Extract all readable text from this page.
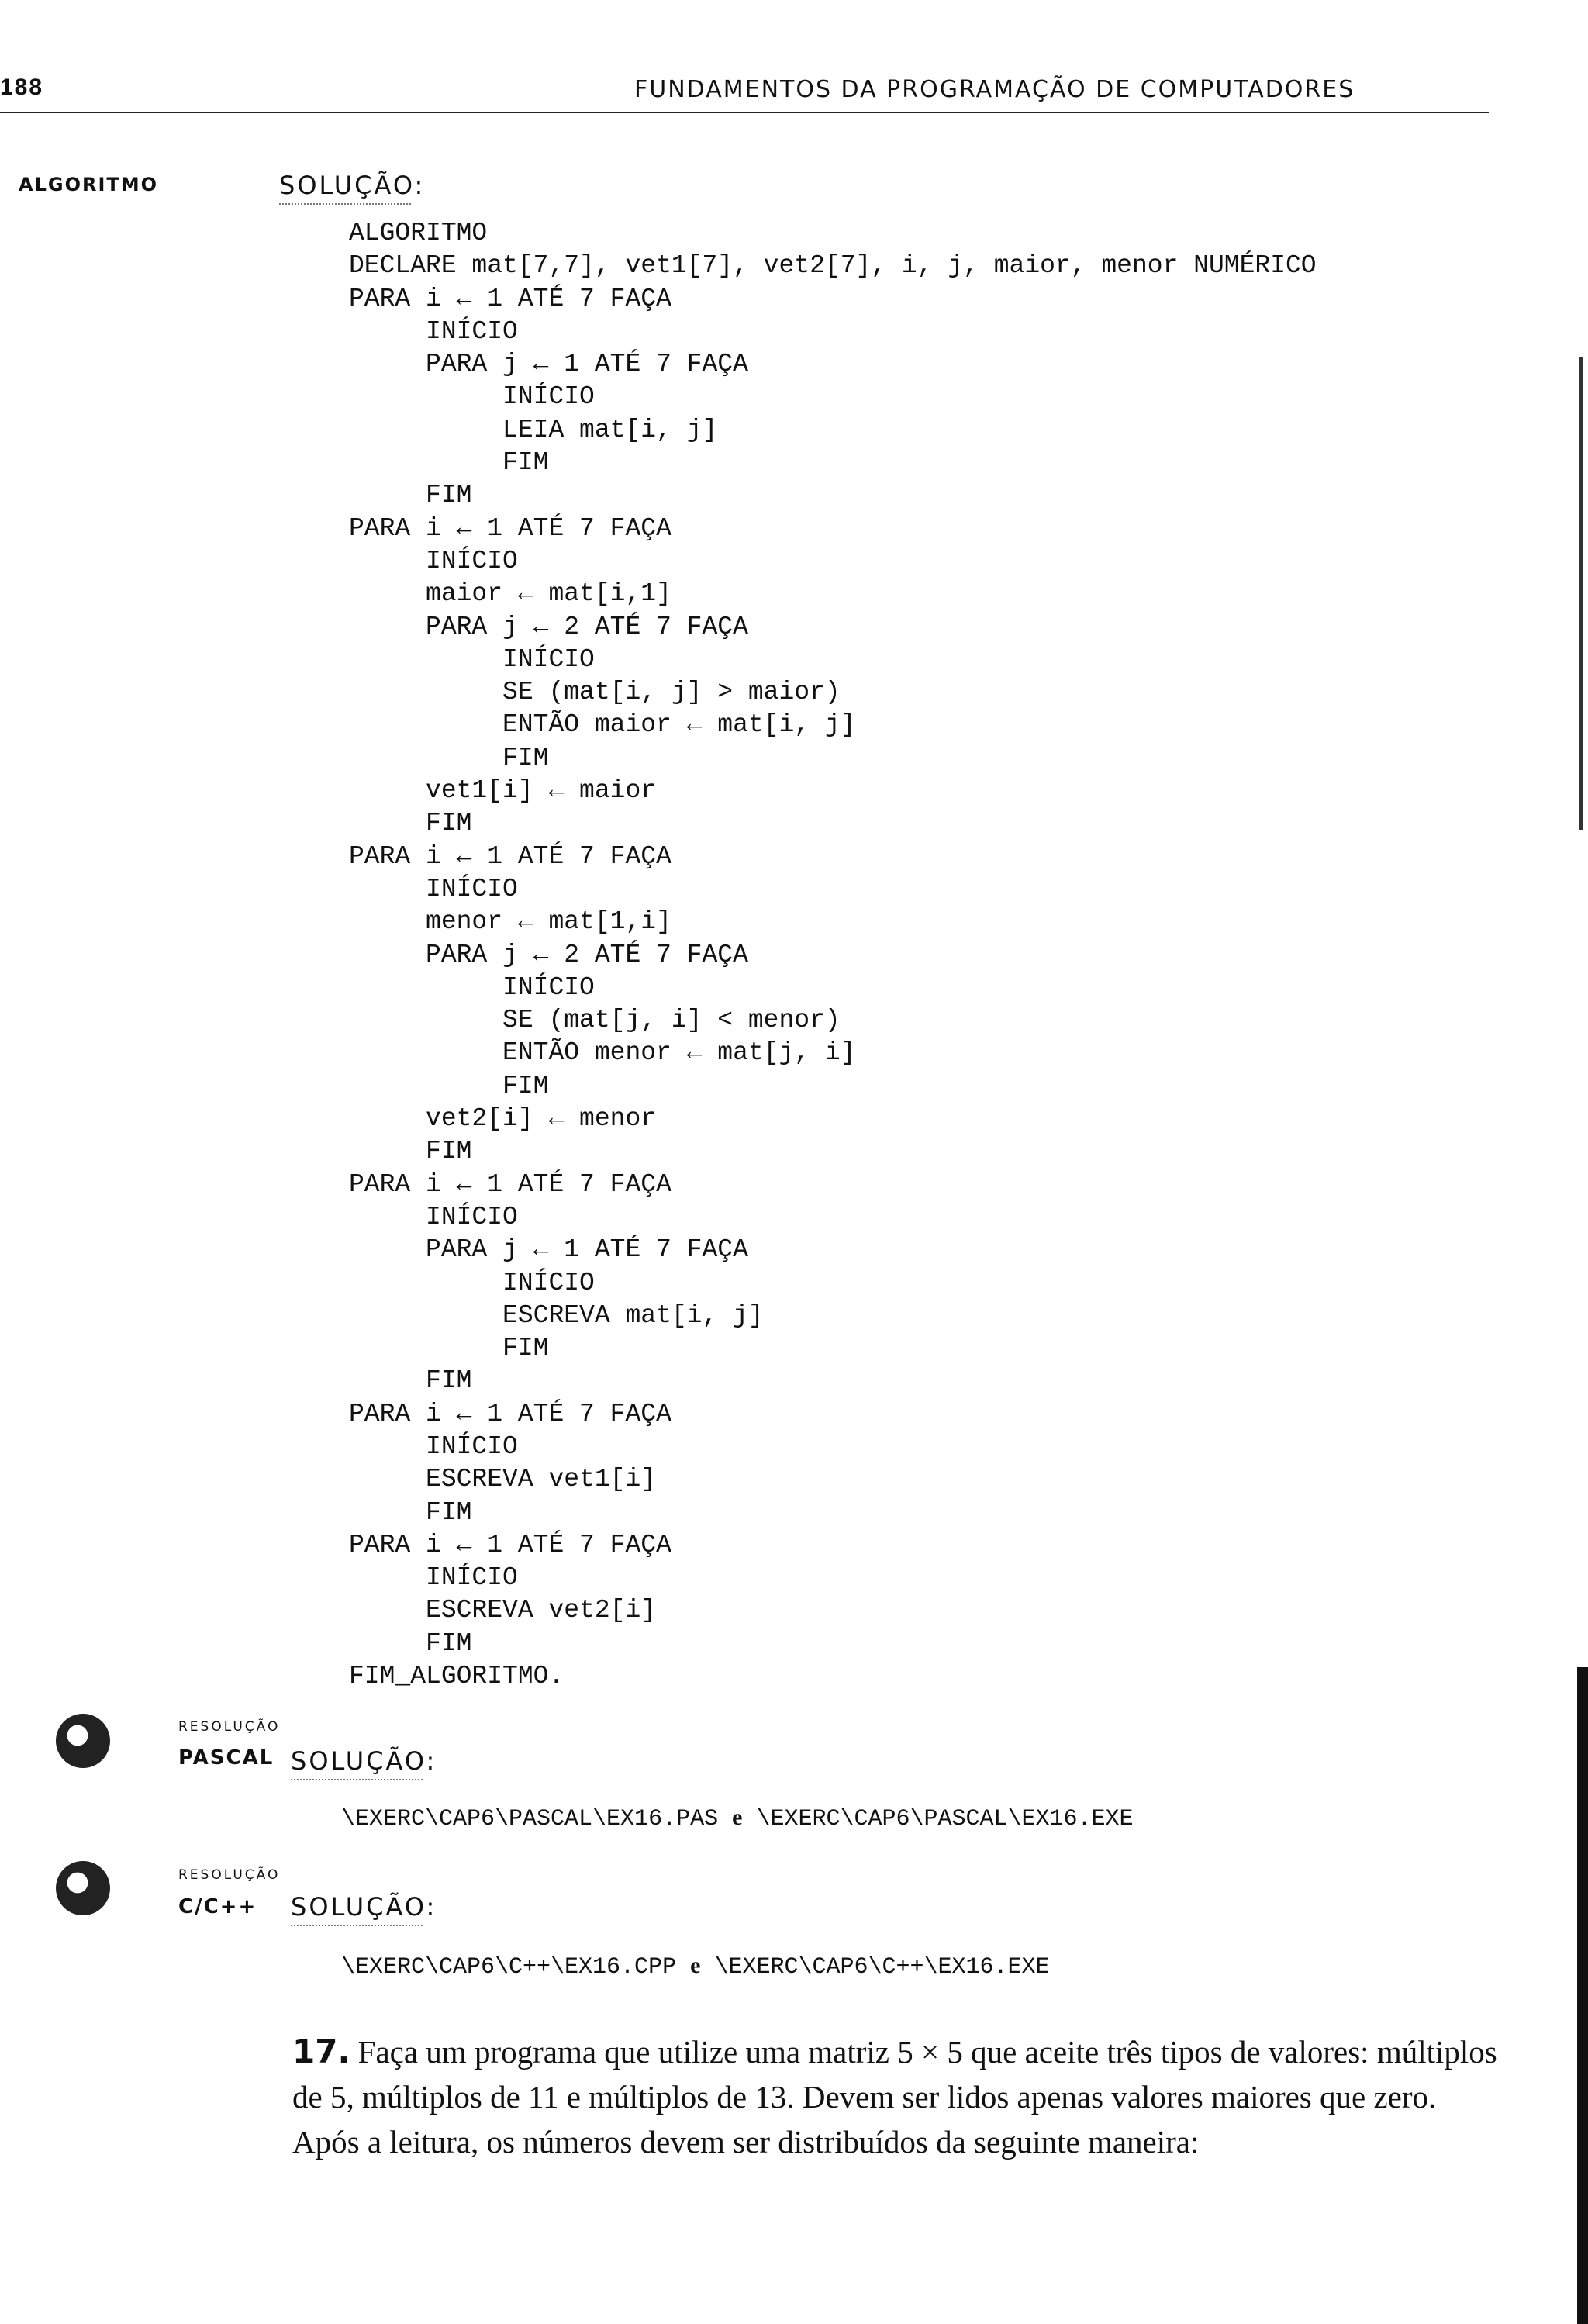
188	FUNDAMENTOS DA PROGRAMAÇÃO DE COMPUTADORES
ALGORITMO	SOLUÇÃO:
ALGORITMO
DECLARE mat[7,7], vet1[7], vet2[7], i, j, maior, menor NUMÉRICO
PARA i ← 1 ATÉ 7 FAÇA
INÍCIO
PARA j ← 1 ATÉ 7 FAÇA
INÍCIO
LEIA mat[i, j]
FIM
FIM
PARA i ← 1 ATÉ 7 FAÇA
INÍCIO
maior ← mat[i,1]
PARA j ← 2 ATÉ 7 FAÇA
INÍCIO
SE (mat[i, j] > maior)
ENTÃO maior ← mat[i, j]
FIM
vet1[i] ← maior
FIM
PARA i ← 1 ATÉ 7 FAÇA
INÍCIO
menor ← mat[1,i]
PARA j ← 2 ATÉ 7 FAÇA
INÍCIO
SE (mat[j, i] < menor)
ENTÃO menor ← mat[j, i]
FIM
vet2[i] ← menor
FIM
PARA i ← 1 ATÉ 7 FAÇA
INÍCIO
PARA j ← 1 ATÉ 7 FAÇA
INÍCIO
ESCREVA mat[i, j]
FIM
FIM
PARA i ← 1 ATÉ 7 FAÇA
INÍCIO
ESCREVA vet1[i]
FIM
PARA i ← 1 ATÉ 7 FAÇA
INÍCIO
ESCREVA vet2[i]
FIM
FIM_ALGORITMO.
RESOLUÇÃO
PASCAL SOLUÇÃO:
\EXERC\CAP6\PASCAL\EX16.PAS e \EXERC\CAP6\PASCAL\EX16.EXE
RESOLUÇÃO
C/C++ SOLUÇÃO:
\EXERC\CAP6\C++\EX16.CPP e \EXERC\CAP6\C++\EX16.EXE
17. Faça um programa que utilize uma matriz 5 × 5 que aceite três tipos de valores: múltiplos de 5, múltiplos de 11 e múltiplos de 13. Devem ser lidos apenas valores maiores que zero. Após a leitura, os números devem ser distribuídos da seguinte maneira:
